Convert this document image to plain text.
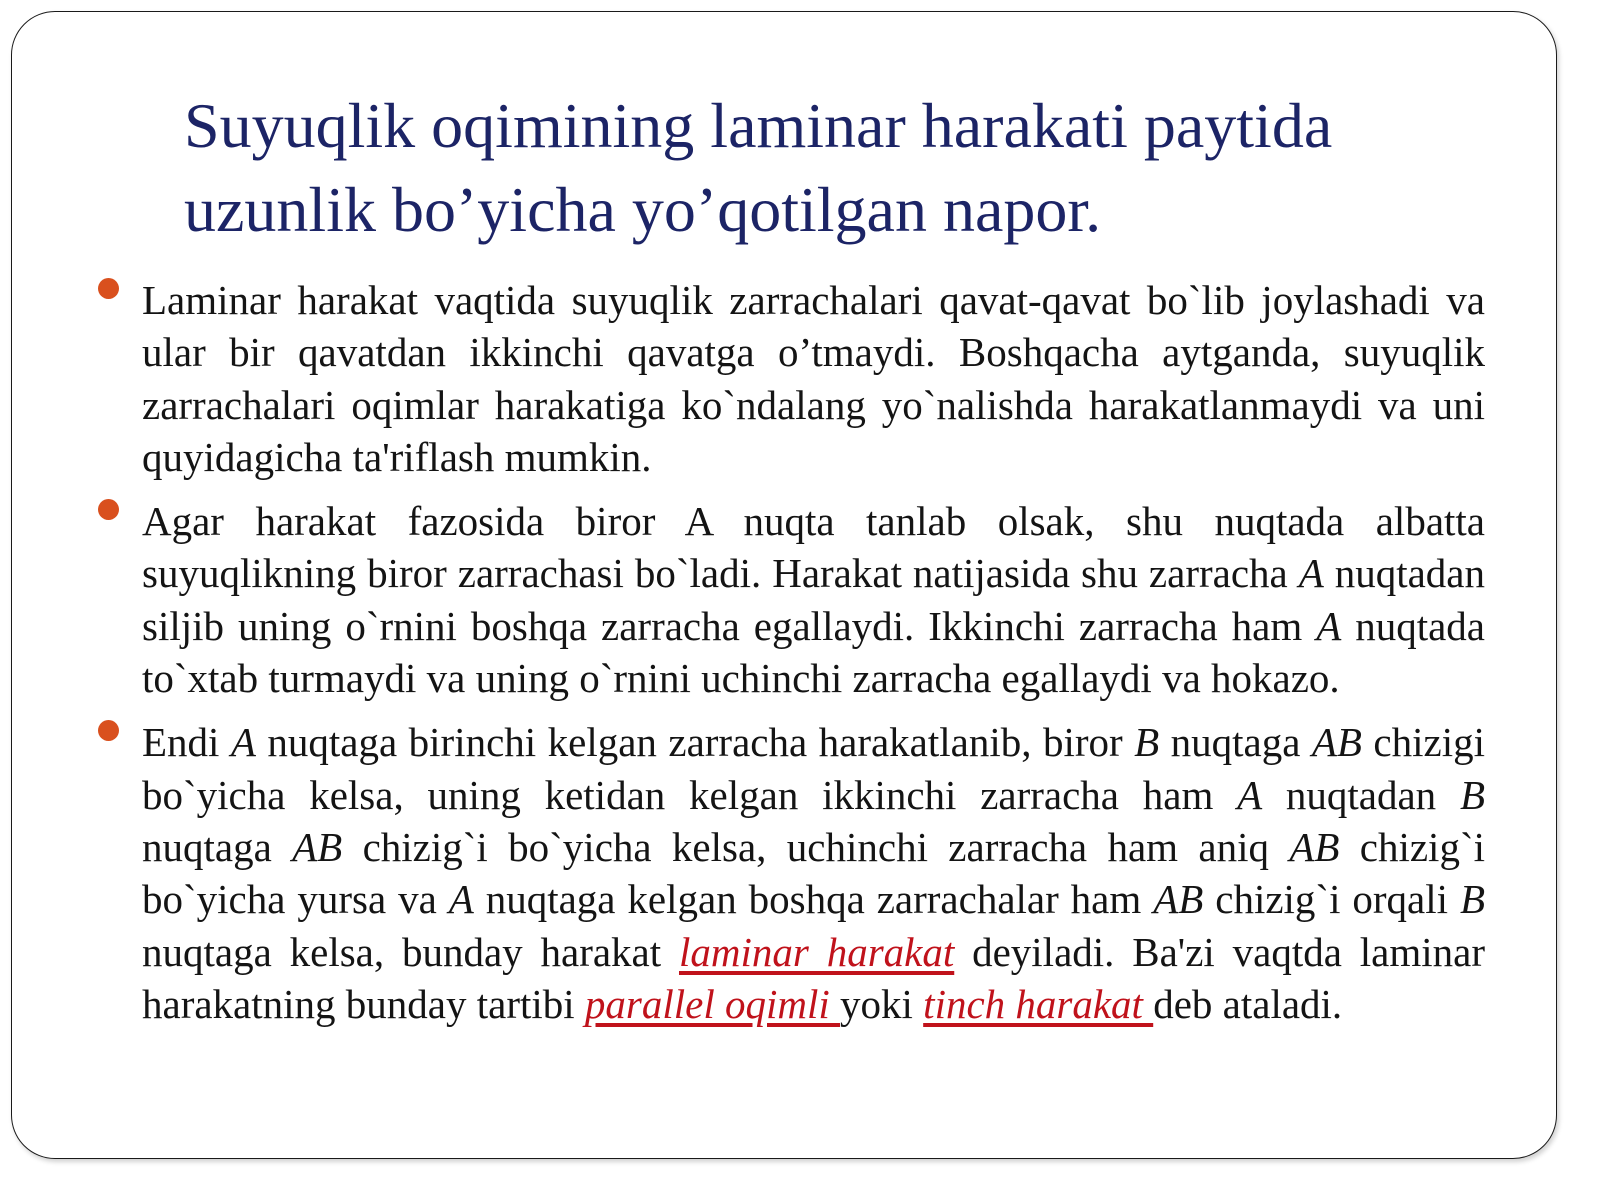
Suyuqlik oqimining laminar harakati paytida
uzunlik bo’yicha yo’qotilgan napor.
Laminar harakat vaqtida suyuqlik zarrachalari qavat-qavat bo`lib joylashadi va ular bir qavatdan ikkinchi qavatga o’tmaydi. Boshqacha aytganda, suyuqlik zarrachalari oqimlar harakatiga ko`ndalang yo`nalishda harakatlanmaydi va uni quyidagicha ta'riflash mumkin.
Agar harakat fazosida biror A nuqta tanlab olsak, shu nuqtada albatta suyuqlikning biror zarrachasi bo`ladi. Harakat natijasida shu zarracha A nuqtadan siljib uning o`rnini boshqa zarracha egallaydi. Ikkinchi zarracha ham A nuqtada to`xtab turmaydi va uning o`rnini uchinchi zarracha egallaydi va hokazo.
Endi A nuqtaga birinchi kelgan zarracha harakatlanib, biror B nuqtaga AB chizigi bo`yicha kelsa, uning ketidan kelgan ikkinchi zarracha ham A nuqtadan B nuqtaga AB chizig`i bo`yicha kelsa, uchinchi zarracha ham aniq AB chizig`i bo`yicha yursa va A nuqtaga kelgan boshqa zarrachalar ham AB chizig`i orqali B nuqtaga kelsa, bunday harakat laminar harakat deyiladi. Ba'zi vaqtda laminar harakatning bunday tartibi parallel oqimli yoki tinch harakat deb ataladi.
